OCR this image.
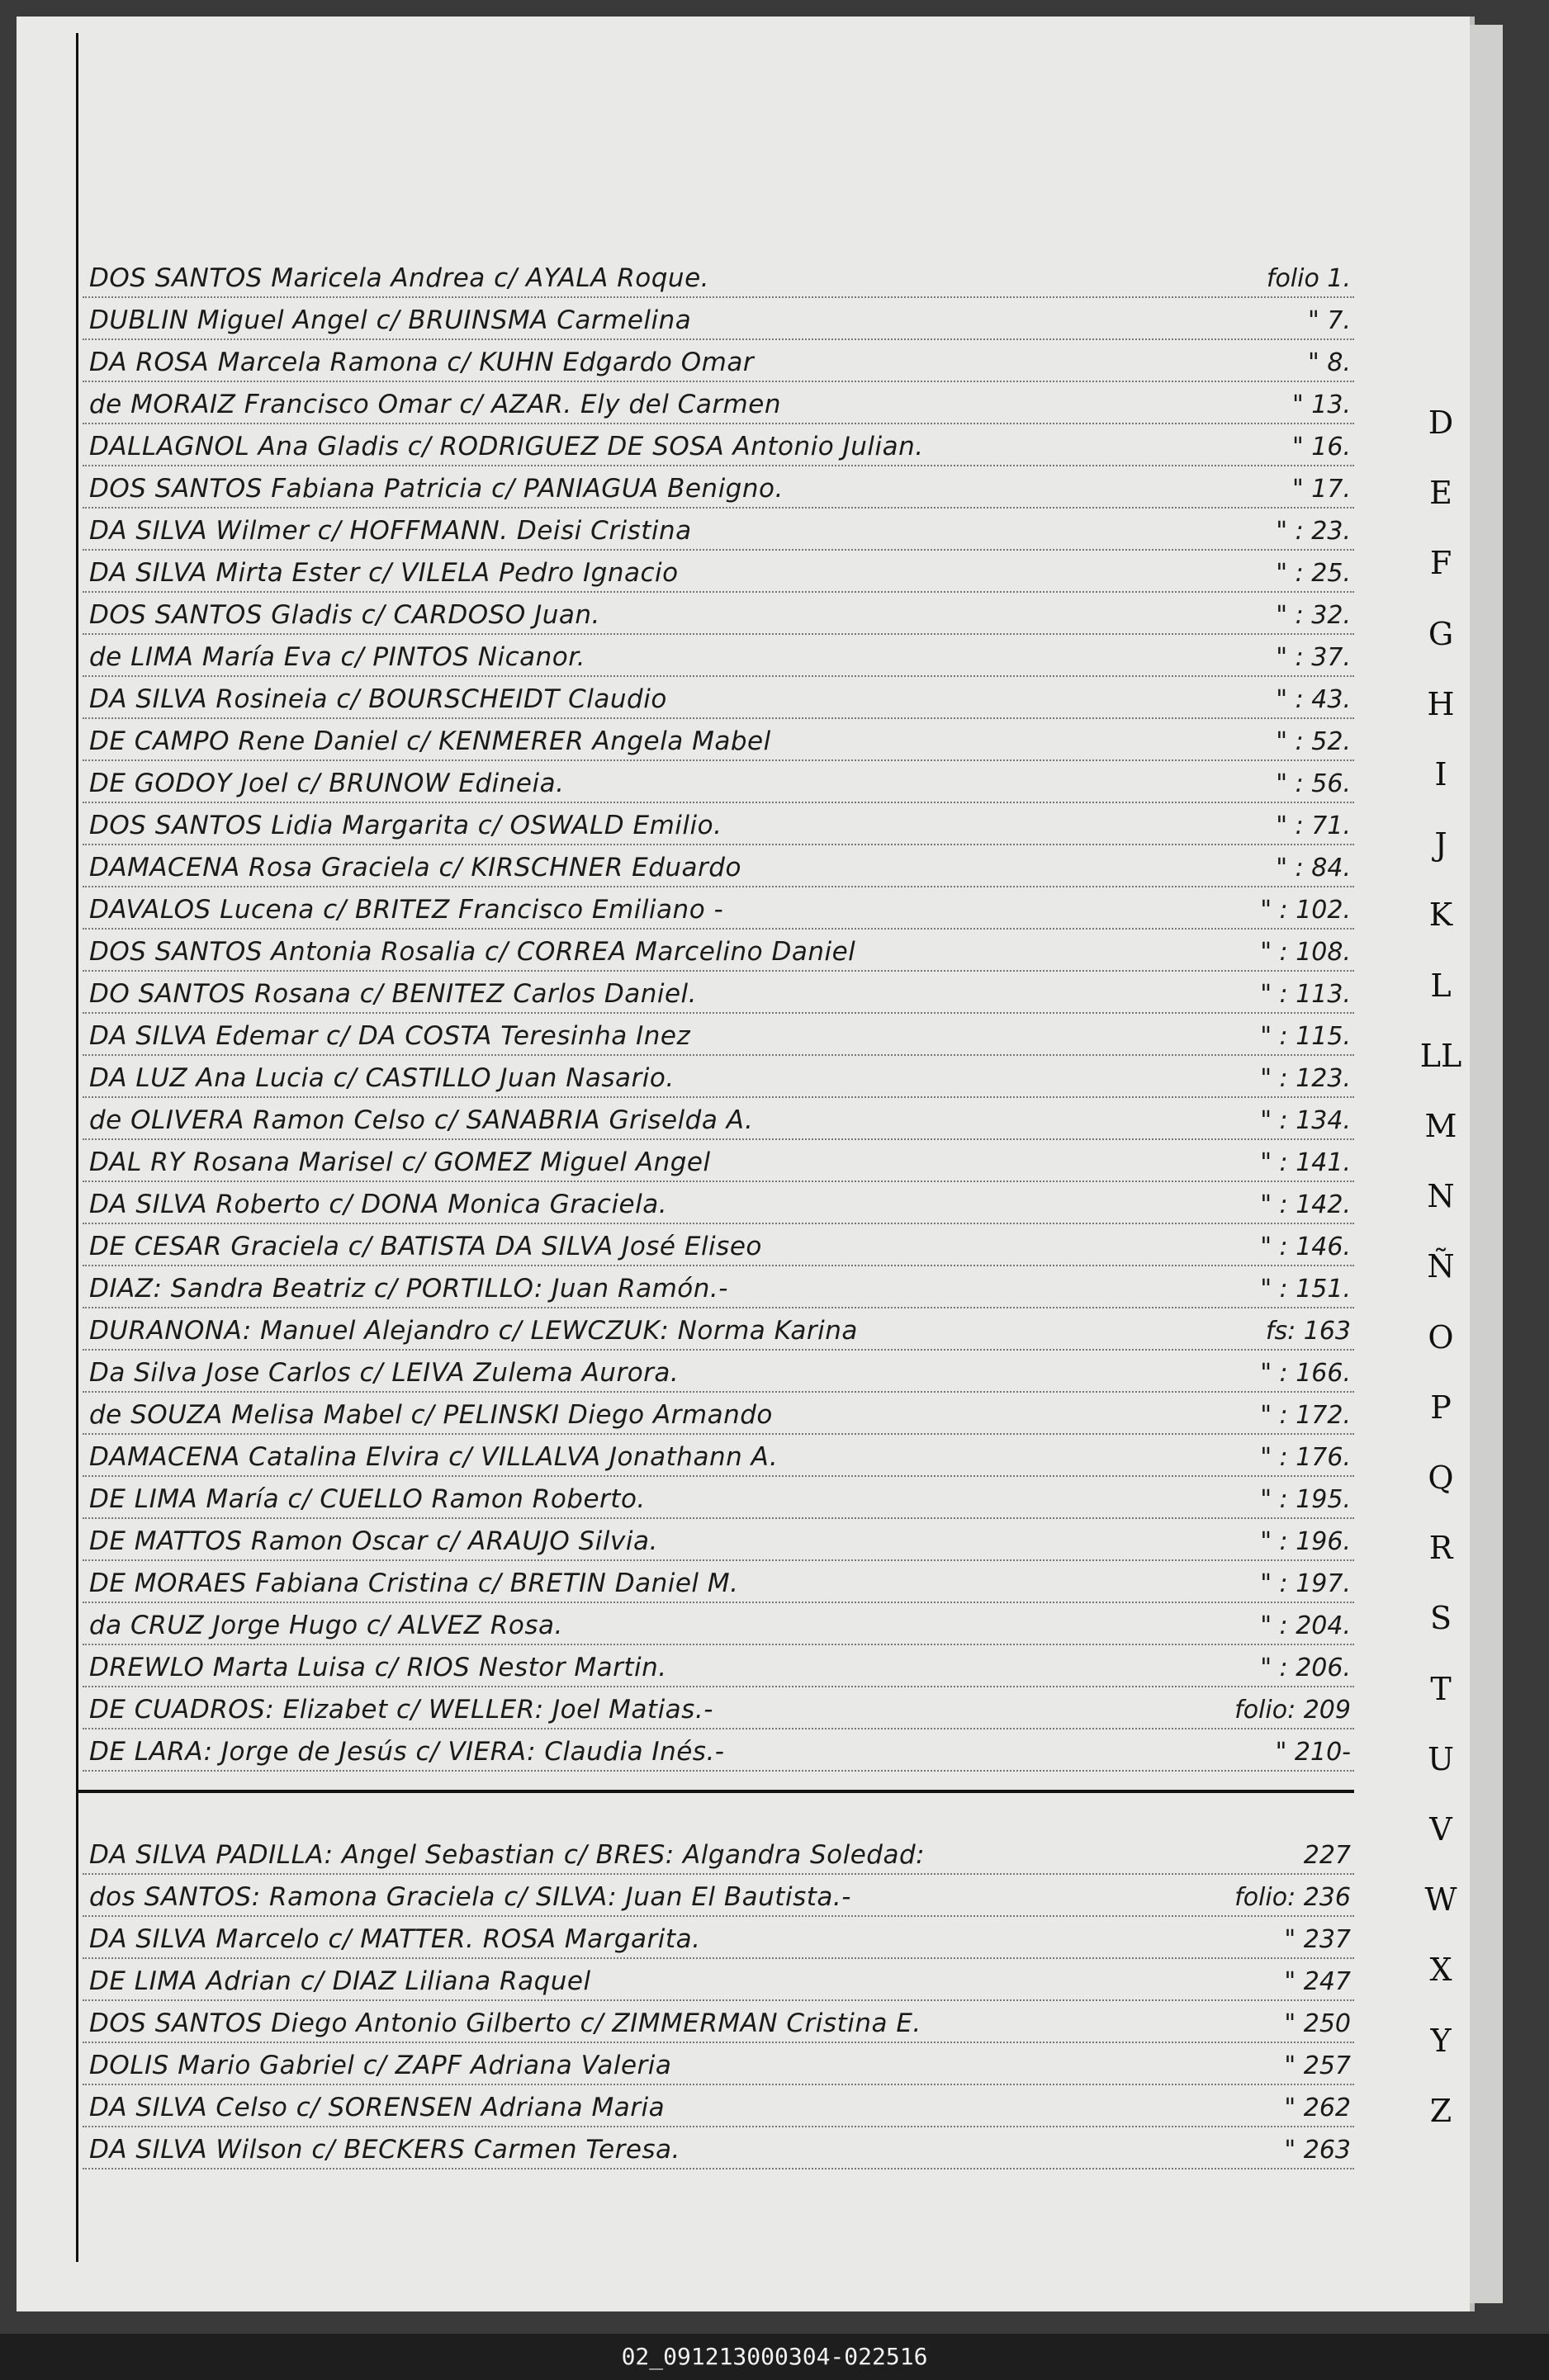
DOS SANTOS Maricela Andrea c/ AYALA Roque.	folio 1.
DUBLIN Miguel Angel c/ BRUINSMA Carmelina	" 7.
DA ROSA Marcela Ramona c/ KUHN Edgardo Omar	" 8.
de MORAIZ Francisco Omar c/ AZAR. Ely del Carmen	" 13.
DALLAGNOL Ana Gladis c/ RODRIGUEZ DE SOSA Antonio Julian.	" 16.
DOS SANTOS Fabiana Patricia c/ PANIAGUA Benigno.	" 17.
DA SILVA Wilmer c/ HOFFMANN. Deisi Cristina	" : 23.
DA SILVA Mirta Ester c/ VILELA Pedro Ignacio	" : 25.
DOS SANTOS Gladis c/ CARDOSO Juan.	" : 32.
de LIMA María Eva c/ PINTOS Nicanor.	" : 37.
DA SILVA Rosineia c/ BOURSCHEIDT Claudio	" : 43.
DE CAMPO Rene Daniel c/ KENMERER Angela Mabel	" : 52.
DE GODOY Joel c/ BRUNOW Edineia.	" : 56.
DOS SANTOS Lidia Margarita c/ OSWALD Emilio.	" : 71.
DAMACENA Rosa Graciela c/ KIRSCHNER Eduardo	" : 84.
DAVALOS Lucena c/ BRITEZ Francisco Emiliano -	" : 102.
DOS SANTOS Antonia Rosalia c/ CORREA Marcelino Daniel	" : 108.
DO SANTOS Rosana c/ BENITEZ Carlos Daniel.	" : 113.
DA SILVA Edemar c/ DA COSTA Teresinha Inez	" : 115.
DA LUZ Ana Lucia c/ CASTILLO Juan Nasario.	" : 123.
de OLIVERA Ramon Celso c/ SANABRIA Griselda A.	" : 134.
DAL RY Rosana Marisel c/ GOMEZ Miguel Angel	" : 141.
DA SILVA Roberto c/ DONA Monica Graciela.	" : 142.
DE CESAR Graciela c/ BATISTA DA SILVA José Eliseo	" : 146.
DIAZ: Sandra Beatriz c/ PORTILLO: Juan Ramón.-	" : 151.
DURANONA: Manuel Alejandro c/ LEWCZUK: Norma Karina	fs: 163
Da Silva Jose Carlos c/ LEIVA Zulema Aurora.	" : 166.
de SOUZA Melisa Mabel c/ PELINSKI Diego Armando	" : 172.
DAMACENA Catalina Elvira c/ VILLALVA Jonathann A.	" : 176.
DE LIMA María c/ CUELLO Ramon Roberto.	" : 195.
DE MATTOS Ramon Oscar c/ ARAUJO Silvia.	" : 196.
DE MORAES Fabiana Cristina c/ BRETIN Daniel M.	" : 197.
da CRUZ Jorge Hugo c/ ALVEZ Rosa.	" : 204.
DREWLO Marta Luisa c/ RIOS Nestor Martin.	" : 206.
DE CUADROS: Elizabet c/ WELLER: Joel Matias.-	folio: 209
DE LARA: Jorge de Jesús c/ VIERA: Claudia Inés.-	" 210-
DA SILVA PADILLA: Angel Sebastian c/ BRES: Algandra Soledad:	227
dos SANTOS: Ramona Graciela c/ SILVA: Juan El Bautista.-	folio: 236
DA SILVA Marcelo c/ MATTER. ROSA Margarita.	" 237
DE LIMA Adrian c/ DIAZ Liliana Raquel	" 247
DOS SANTOS Diego Antonio Gilberto c/ ZIMMERMAN Cristina E.	" 250
DOLIS Mario Gabriel c/ ZAPF Adriana Valeria	" 257
DA SILVA Celso c/ SORENSEN Adriana Maria	" 262
DA SILVA Wilson c/ BECKERS Carmen Teresa.	" 263
D
E
F
G
H
I
J
K
L
LL
M
N
Ñ
O
P
Q
R
S
T
U
V
W
X
Y
Z
02_091213000304-022516
